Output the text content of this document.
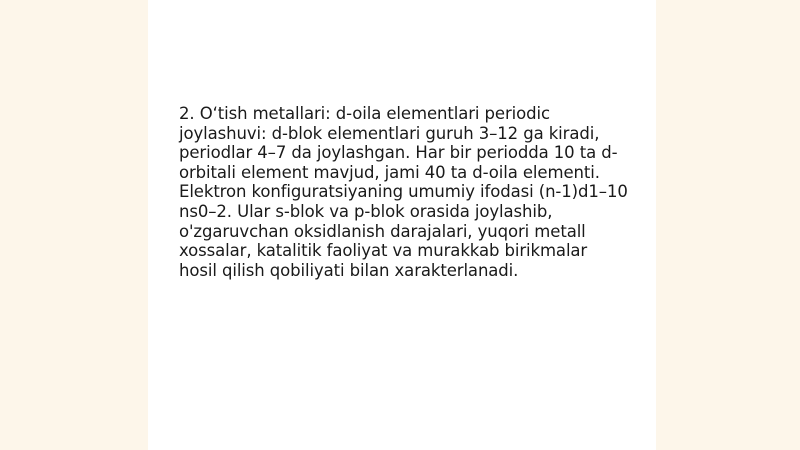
2. O‘tish metallari: d-oila elementlari periodic joylashuvi: d-blok elementlari guruh 3–12 ga kiradi, periodlar 4–7 da joylashgan. Har bir periodda 10 ta d-orbitali element mavjud, jami 40 ta d-oila elementi. Elektron konfiguratsiyaning umumiy ifodasi (n-1)d1–10 ns0–2. Ular s-blok va p-blok orasida joylashib, o'zgaruvchan oksidlanish darajalari, yuqori metall xossalar, katalitik faoliyat va murakkab birikmalar hosil qilish qobiliyati bilan xarakterlanadi.
